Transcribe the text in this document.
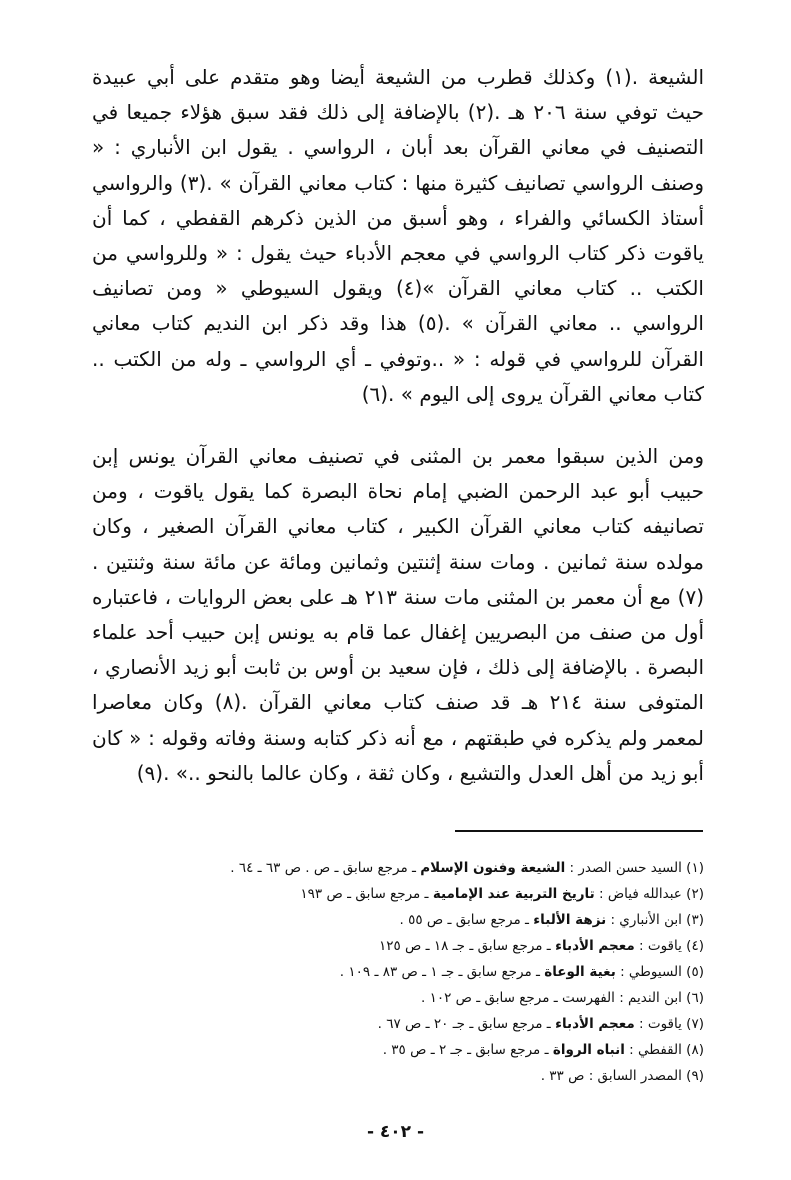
الشيعة .(١) وكذلك قطرب من الشيعة أيضا وهو متقدم على أبي عبيدة حيث توفي سنة ٢٠٦ هـ .(٢) بالإضافة إلى ذلك فقد سبق هؤلاء جميعا في التصنيف في معاني القرآن بعد أبان ، الرواسي . يقول ابن الأنباري : « وصنف الرواسي تصانيف كثيرة منها : كتاب معاني القرآن » .(٣) والرواسي أستاذ الكسائي والفراء ، وهو أسبق من الذين ذكرهم القفطي ، كما أن ياقوت ذكر كتاب الرواسي في معجم الأدباء حيث يقول : « وللرواسي من الكتب .. كتاب معاني القرآن »(٤) ويقول السيوطي « ومن تصانيف الرواسي .. معاني القرآن » .(٥) هذا وقد ذكر ابن النديم كتاب معاني القرآن للرواسي في قوله : « ..وتوفي ـ أي الرواسي ـ وله من الكتب .. كتاب معاني القرآن يروى إلى اليوم » .(٦)

ومن الذين سبقوا معمر بن المثنى في تصنيف معاني القرآن يونس إبن حبيب أبو عبد الرحمن الضبي إمام نحاة البصرة كما يقول ياقوت ، ومن تصانيفه كتاب معاني القرآن الكبير ، كتاب معاني القرآن الصغير ، وكان مولده سنة ثمانين . ومات سنة إثنتين وثمانين ومائة عن مائة سنة وثنتين .(٧) مع أن معمر بن المثنى مات سنة ٢١٣ هـ على بعض الروايات ، فاعتباره أول من صنف من البصريين إغفال عما قام به يونس إبن حبيب أحد علماء البصرة . بالإضافة إلى ذلك ، فإن سعيد بن أوس بن ثابت أبو زيد الأنصاري ، المتوفى سنة ٢١٤ هـ قد صنف كتاب معاني القرآن .(٨) وكان معاصرا لمعمر ولم يذكره في طبقتهم ، مع أنه ذكر كتابه وسنة وفاته وقوله : « كان أبو زيد من أهل العدل والتشيع ، وكان ثقة ، وكان عالما بالنحو ..» .(٩)

(١) السيد حسن الصدر : الشيعة وفنون الإسلام ـ مرجع سابق ـ ص . ص ٦٣ ـ ٦٤ .
(٢) عبدالله فياض : تاريخ التربية عند الإمامية ـ مرجع سابق ـ ص ١٩٣
(٣) ابن الأنباري : نزهة الألباء ـ مرجع سابق ـ ص ٥٥ .
(٤) ياقوت : معجم الأدباء ـ مرجع سابق ـ جـ ١٨ ـ ص ١٢٥
(٥) السيوطي : بغية الوعاة ـ مرجع سابق ـ جـ ١ ـ ص ٨٣ ـ ١٠٩ .
(٦) ابن النديم : الفهرست ـ مرجع سابق ـ ص ١٠٢ .
(٧) ياقوت : معجم الأدباء ـ مرجع سابق ـ جـ ٢٠ ـ ص ٦٧ .
(٨) القفطي : انباه الرواة ـ مرجع سابق ـ جـ ٢ ـ ص ٣٥ .
(٩) المصدر السابق : ص ٣٣ .
- ٤٠٢ -
